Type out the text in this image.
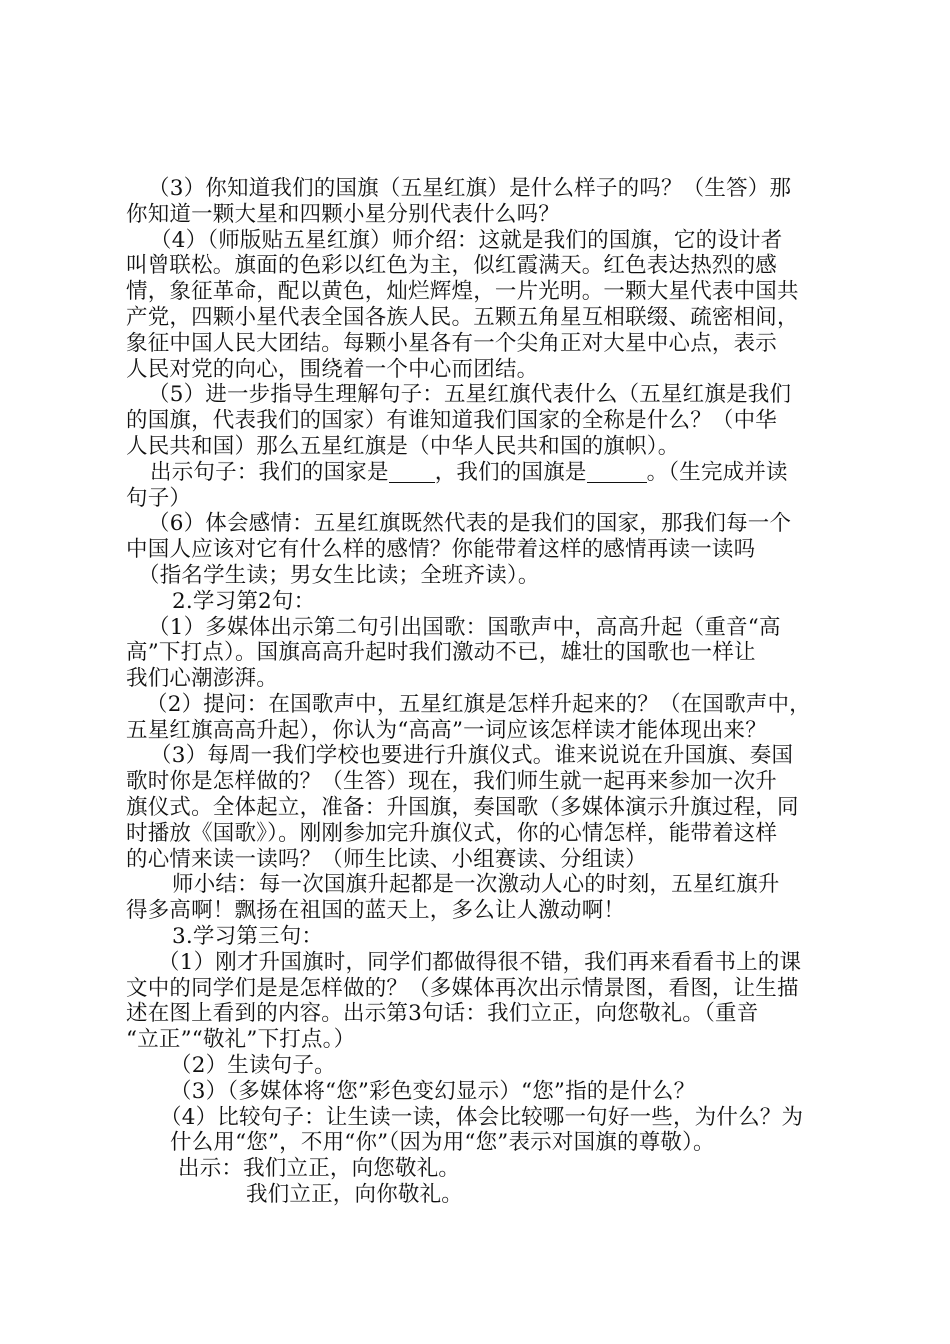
（3）你知道我们的国旗（五星红旗）是什么样子的吗？（生答）那
你知道一颗大星和四颗小星分别代表什么吗？
（4）（师版贴五星红旗）师介绍：这就是我们的国旗，它的设计者
叫曾联松。旗面的色彩以红色为主，似红霞满天。红色表达热烈的感
情，象征革命，配以黄色，灿烂辉煌，一片光明。一颗大星代表中国共
产党，四颗小星代表全国各族人民。五颗五角星互相联缀、疏密相间，
象征中国人民大团结。每颗小星各有一个尖角正对大星中心点，表示
人民对党的向心，围绕着一个中心而团结。
（5）进一步指导生理解句子：五星红旗代表什么（五星红旗是我们
的国旗，代表我们的国家）有谁知道我们国家的全称是什么？（中华
人民共和国）那么五星红旗是（中华人民共和国的旗帜）。
出示句子：我们的国家是 ，我们的国旗是	。（生完成并读
句子）
（6）体会感情：五星红旗既然代表的是我们的国家，那我们每一个
中国人应该对它有什么样的感情？你能带着这样的感情再读一读吗
（指名学生读；男女生比读；全班齐读）。
2.学习第2句：
（1）多媒体出示第二句引出国歌：国歌声中，高高升起（重音“高
高”下打点）。国旗高高升起时我们激动不已，雄壮的国歌也一样让
我们心潮澎湃。
（2）提问：在国歌声中，五星红旗是怎样升起来的？（在国歌声中，
五星红旗高高升起），你认为“高高”一词应该怎样读才能体现出来？
（3）每周一我们学校也要进行升旗仪式。谁来说说在升国旗、奏国
歌时你是怎样做的？（生答）现在，我们师生就一起再来参加一次升
旗仪式。全体起立，准备：升国旗，奏国歌（多媒体演示升旗过程，同
时播放《国歌》）。刚刚参加完升旗仪式，你的心情怎样，能带着这样
的心情来读一读吗？（师生比读、小组赛读、分组读）
师小结：每一次国旗升起都是一次激动人心的时刻，五星红旗升
得多高啊！飘扬在祖国的蓝天上，多么让人激动啊！
3.学习第三句：
（1）刚才升国旗时，同学们都做得很不错，我们再来看看书上的课
文中的同学们是是怎样做的？（多媒体再次出示情景图，看图，让生描
述在图上看到的内容。出示第3句话：我们立正，向您敬礼。（重音
“立正”“敬礼”下打点。）
（2）生读句子。
（3）（多媒体将“您”彩色变幻显示）“您”指的是什么？
（4）比较句子：让生读一读，体会比较哪一句好一些，为什么？为
什么用“您”，不用“你”（因为用“您”表示对国旗的尊敬）。
出示：我们立正，向您敬礼。
我们立正，向你敬礼。
